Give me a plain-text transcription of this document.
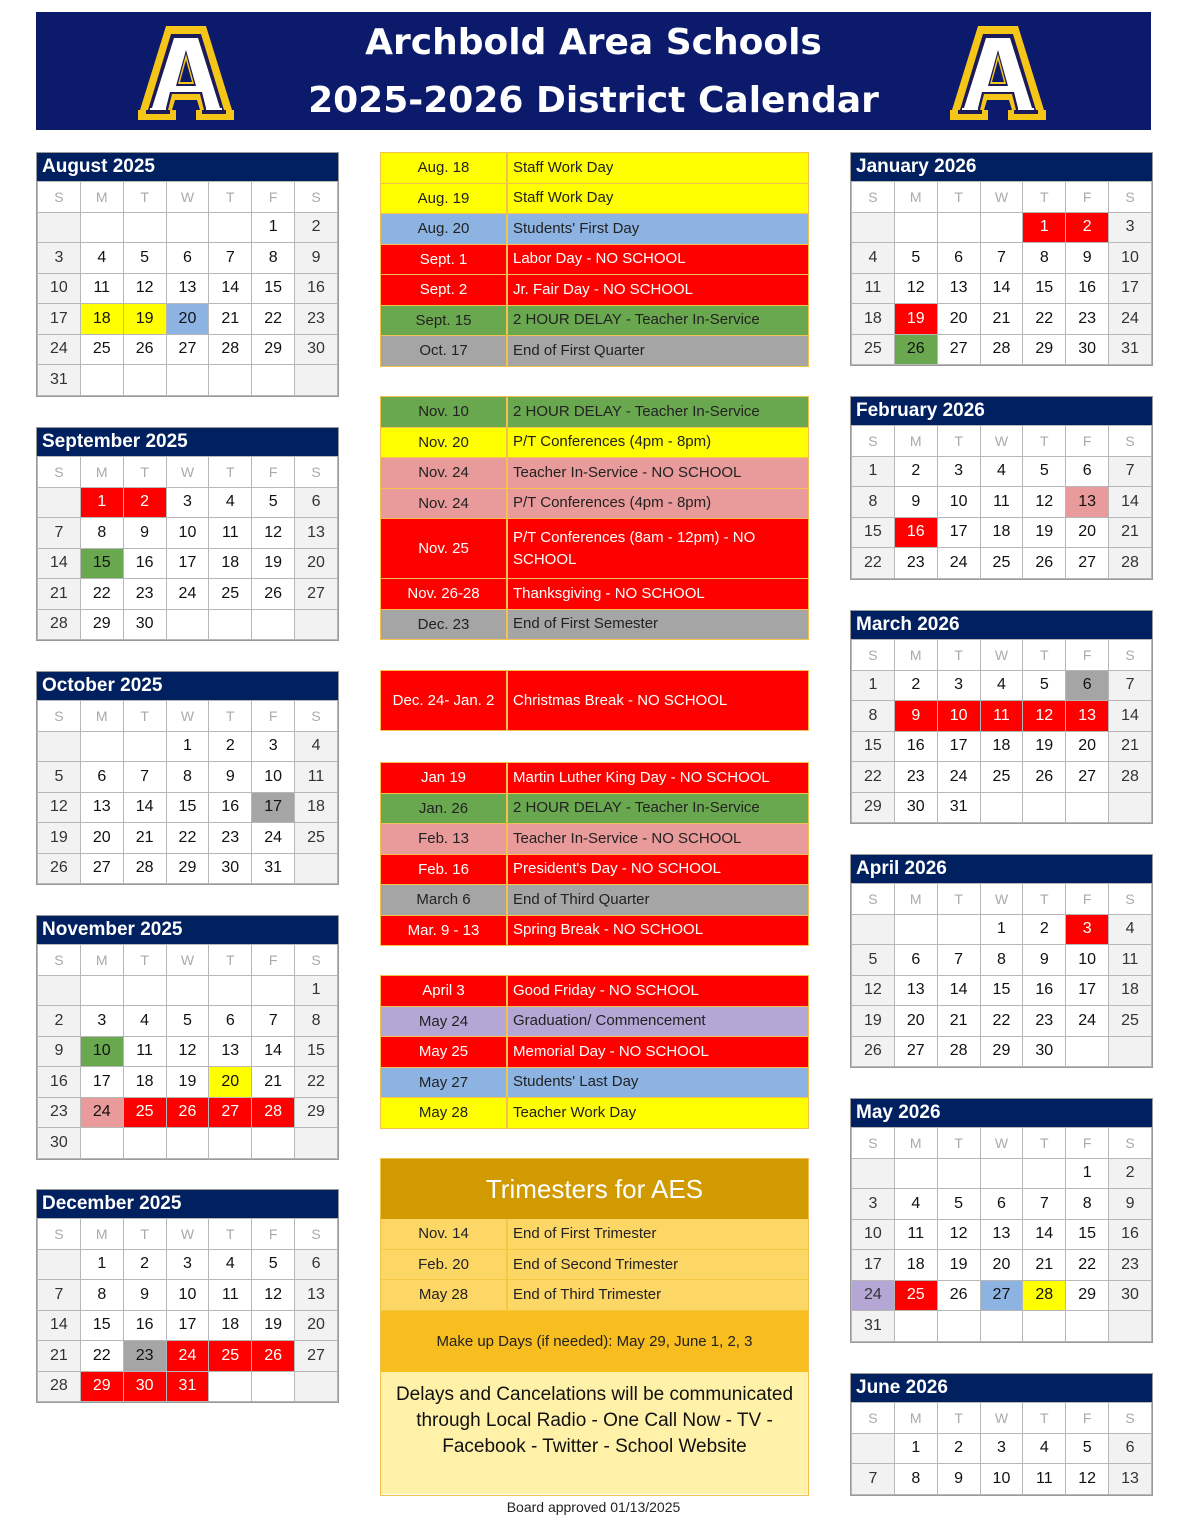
Archbold Area Schools
2025-2026 District Calendar
August 2025
S	M	T	W	T	F	S
					1	2
3	4	5	6	7	8	9
10	11	12	13	14	15	16
17	18	19	20	21	22	23
24	25	26	27	28	29	30
31						
September 2025
S	M	T	W	T	F	S
	1	2	3	4	5	6
7	8	9	10	11	12	13
14	15	16	17	18	19	20
21	22	23	24	25	26	27
28	29	30				
October 2025
S	M	T	W	T	F	S
			1	2	3	4
5	6	7	8	9	10	11
12	13	14	15	16	17	18
19	20	21	22	23	24	25
26	27	28	29	30	31	
November 2025
S	M	T	W	T	F	S
						1
2	3	4	5	6	7	8
9	10	11	12	13	14	15
16	17	18	19	20	21	22
23	24	25	26	27	28	29
30						
December 2025
S	M	T	W	T	F	S
	1	2	3	4	5	6
7	8	9	10	11	12	13
14	15	16	17	18	19	20
21	22	23	24	25	26	27
28	29	30	31			
January 2026
S	M	T	W	T	F	S
				1	2	3
4	5	6	7	8	9	10
11	12	13	14	15	16	17
18	19	20	21	22	23	24
25	26	27	28	29	30	31
February 2026
S	M	T	W	T	F	S
1	2	3	4	5	6	7
8	9	10	11	12	13	14
15	16	17	18	19	20	21
22	23	24	25	26	27	28
March 2026
S	M	T	W	T	F	S
1	2	3	4	5	6	7
8	9	10	11	12	13	14
15	16	17	18	19	20	21
22	23	24	25	26	27	28
29	30	31				
April 2026
S	M	T	W	T	F	S
			1	2	3	4
5	6	7	8	9	10	11
12	13	14	15	16	17	18
19	20	21	22	23	24	25
26	27	28	29	30		
May 2026
S	M	T	W	T	F	S
					1	2
3	4	5	6	7	8	9
10	11	12	13	14	15	16
17	18	19	20	21	22	23
24	25	26	27	28	29	30
31						
June 2026
S	M	T	W	T	F	S
	1	2	3	4	5	6
7	8	9	10	11	12	13
Aug. 18	Staff Work Day
Aug. 19	Staff Work Day
Aug. 20	Students' First Day
Sept. 1	Labor Day - NO SCHOOL
Sept. 2	Jr. Fair Day - NO SCHOOL
Sept. 15	2 HOUR DELAY - Teacher In-Service
Oct. 17	End of First Quarter
Nov. 10	2 HOUR DELAY - Teacher In-Service
Nov. 20	P/T Conferences (4pm - 8pm)
Nov. 24	Teacher In-Service - NO SCHOOL
Nov. 24	P/T Conferences (4pm - 8pm)
Nov. 25
P/T Conferences (8am - 12pm) - NO SCHOOL
Nov. 26-28	Thanksgiving - NO SCHOOL
Dec. 23	End of First Semester
Dec. 24- Jan. 2	Christmas Break - NO SCHOOL
Jan 19	Martin Luther King Day - NO SCHOOL
Jan. 26	2 HOUR DELAY - Teacher In-Service
Feb. 13	Teacher In-Service - NO SCHOOL
Feb. 16	President's Day - NO SCHOOL
March 6	End of Third Quarter
Mar. 9 - 13	Spring Break - NO SCHOOL
April 3	Good Friday - NO SCHOOL
May 24	Graduation/ Commencement
May 25	Memorial Day - NO SCHOOL
May 27	Students' Last Day
May 28	Teacher Work Day
Trimesters for AES
Nov. 14	End of First Trimester
Feb. 20	End of Second Trimester
May 28	End of Third Trimester
Make up Days (if needed): May 29, June 1, 2, 3
Delays and Cancelations will be communicated through Local Radio - One Call Now - TV - Facebook - Twitter - School Website
Board approved 01/13/2025
